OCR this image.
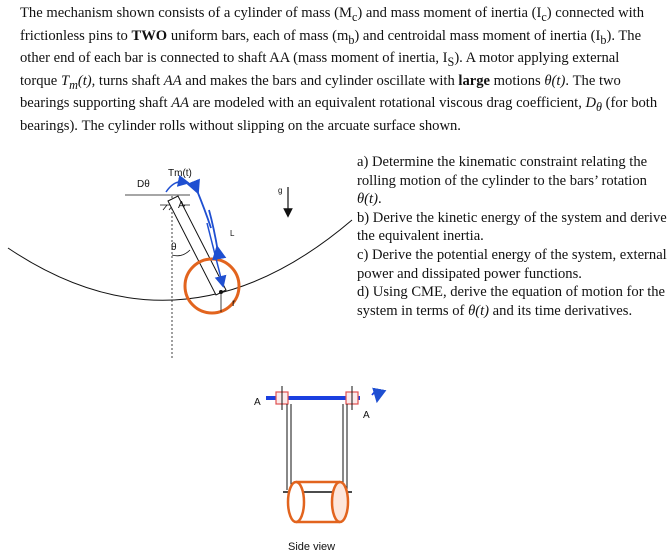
The mechanism shown consists of a cylinder of mass $(M_c)$ and mass moment of inertia $(I_c)$ connected with frictionless pins to TWO uniform bars, each of mass $(m_b)$ and centroidal mass moment of inertia $(I_b)$. The other end of each bar is connected to shaft AA (mass moment of inertia, $I_S$). A motor applying external torque $T_m(t)$, turns shaft AA and makes the bars and cylinder oscillate with large motions θ(t). The two bearings supporting shaft AA are modeled with an equivalent rotational viscous drag coefficient, $D_\theta$ (for both bearings). The cylinder rolls without slipping on the arcuate surface shown.

a) Determine the kinematic constraint relating the rolling motion of the cylinder to the bars’ rotation θ(t).

b) Derive the kinetic energy of the system and derive the equivalent inertia.

c) Derive the potential energy of the system, external power and dissipated power functions.

d) Using CME, derive the equation of motion for the system in terms of θ(t) and its time derivatives.

A
r
L
θ
Tm(t)
Dθ
g
A
A
Side view
